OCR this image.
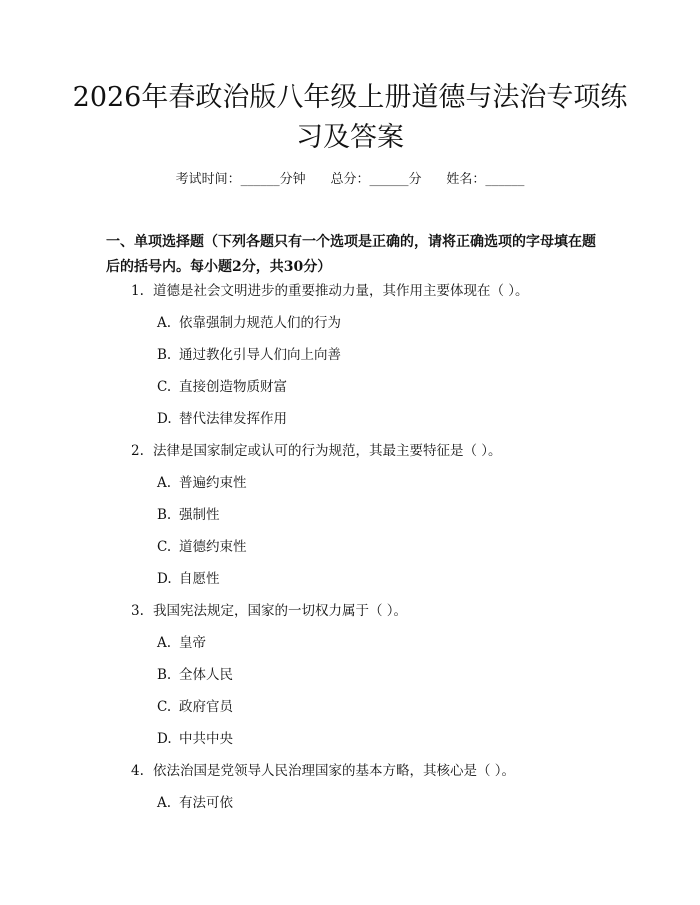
2026年春政治版八年级上册道德与法治专项练习及答案
考试时间：______分钟 总分：______分 姓名：______

一、单项选择题（下列各题只有一个选项是正确的，请将正确选项的字母填在题后的括号内。每小题2分，共30分）

1. 道德是社会文明进步的重要推动力量，其作用主要体现在（ ）。
A. 依靠强制力规范人们的行为
B. 通过教化引导人们向上向善
C. 直接创造物质财富
D. 替代法律发挥作用
2. 法律是国家制定或认可的行为规范，其最主要特征是（ ）。
A. 普遍约束性
B. 强制性
C. 道德约束性
D. 自愿性
3. 我国宪法规定，国家的一切权力属于（ ）。
A. 皇帝
B. 全体人民
C. 政府官员
D. 中共中央
4. 依法治国是党领导人民治理国家的基本方略，其核心是（ ）。
A. 有法可依
